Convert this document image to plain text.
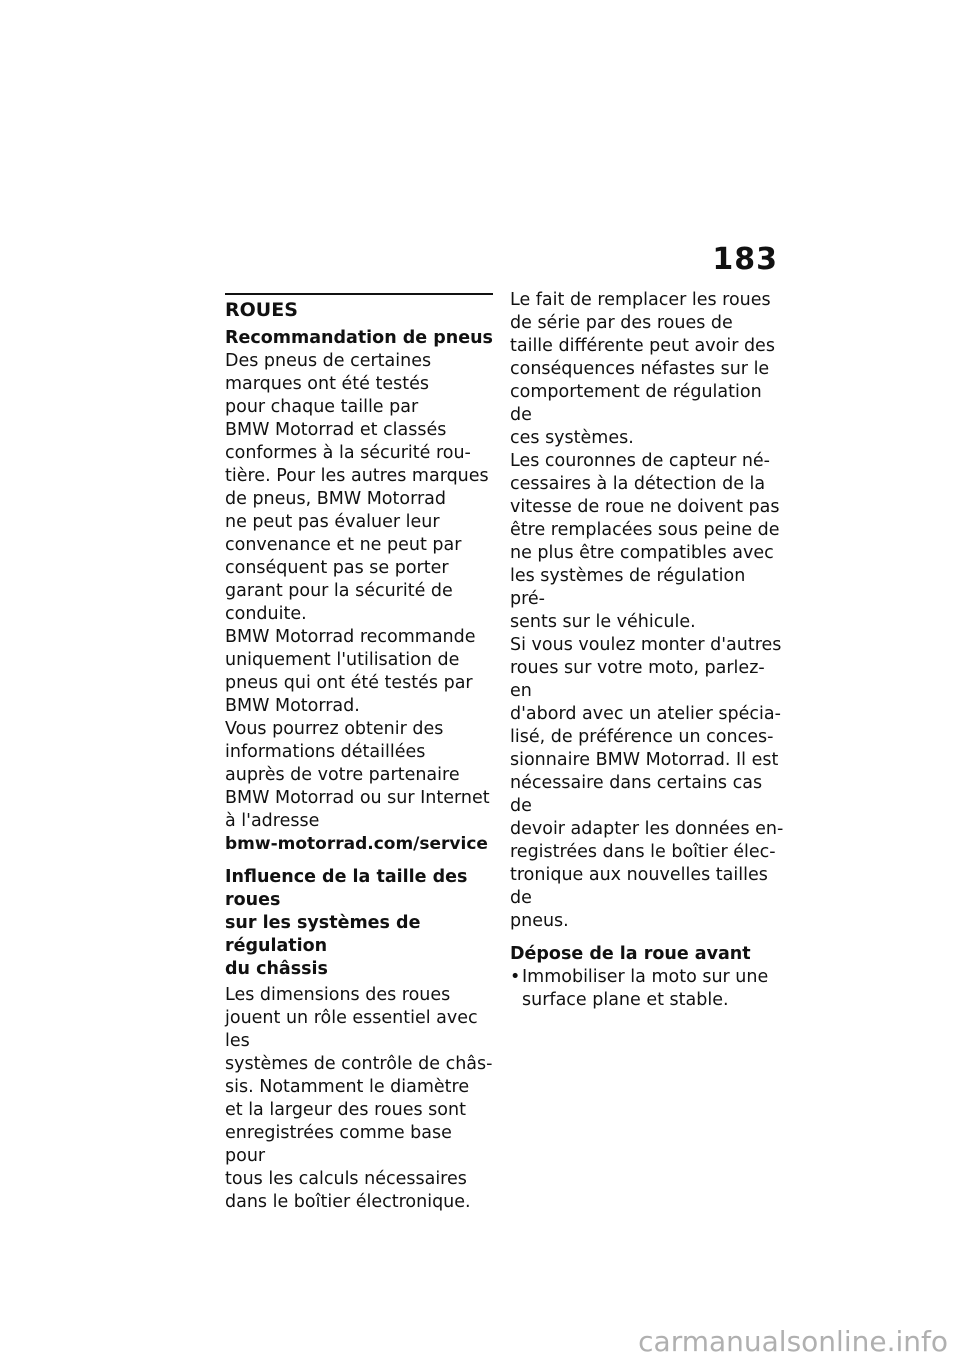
183
ROUES
Recommandation de pneus

Des pneus de certaines
marques ont été testés
pour chaque taille par
BMW Motorrad et classés
conformes à la sécurité rou-
tière. Pour les autres marques
de pneus, BMW Motorrad
ne peut pas évaluer leur
convenance et ne peut par
conséquent pas se porter
garant pour la sécurité de
conduite.

BMW Motorrad recommande
uniquement l'utilisation de
pneus qui ont été testés par
BMW Motorrad.

Vous pourrez obtenir des
informations détaillées
auprès de votre partenaire
BMW Motorrad ou sur Internet
à l'adresse

bmw-motorrad.com/service
Influence de la taille des roues
sur les systèmes de régulation
du châssis

Les dimensions des roues
jouent un rôle essentiel avec les
systèmes de contrôle de châs-
sis. Notamment le diamètre
et la largeur des roues sont
enregistrées comme base pour
tous les calculs nécessaires
dans le boîtier électronique.

Le fait de remplacer les roues
de série par des roues de
taille différente peut avoir des
conséquences néfastes sur le
comportement de régulation de
ces systèmes.

Les couronnes de capteur né-
cessaires à la détection de la
vitesse de roue ne doivent pas
être remplacées sous peine de
ne plus être compatibles avec
les systèmes de régulation pré-
sents sur le véhicule.

Si vous voulez monter d'autres
roues sur votre moto, parlez-en
d'abord avec un atelier spécia-
lisé, de préférence un conces-
sionnaire BMW Motorrad. Il est
nécessaire dans certains cas de
devoir adapter les données en-
registrées dans le boîtier élec-
tronique aux nouvelles tailles de
pneus.

Dépose de la roue avant
• Immobiliser la moto sur une
surface plane et stable.
carmanualsonline.info
